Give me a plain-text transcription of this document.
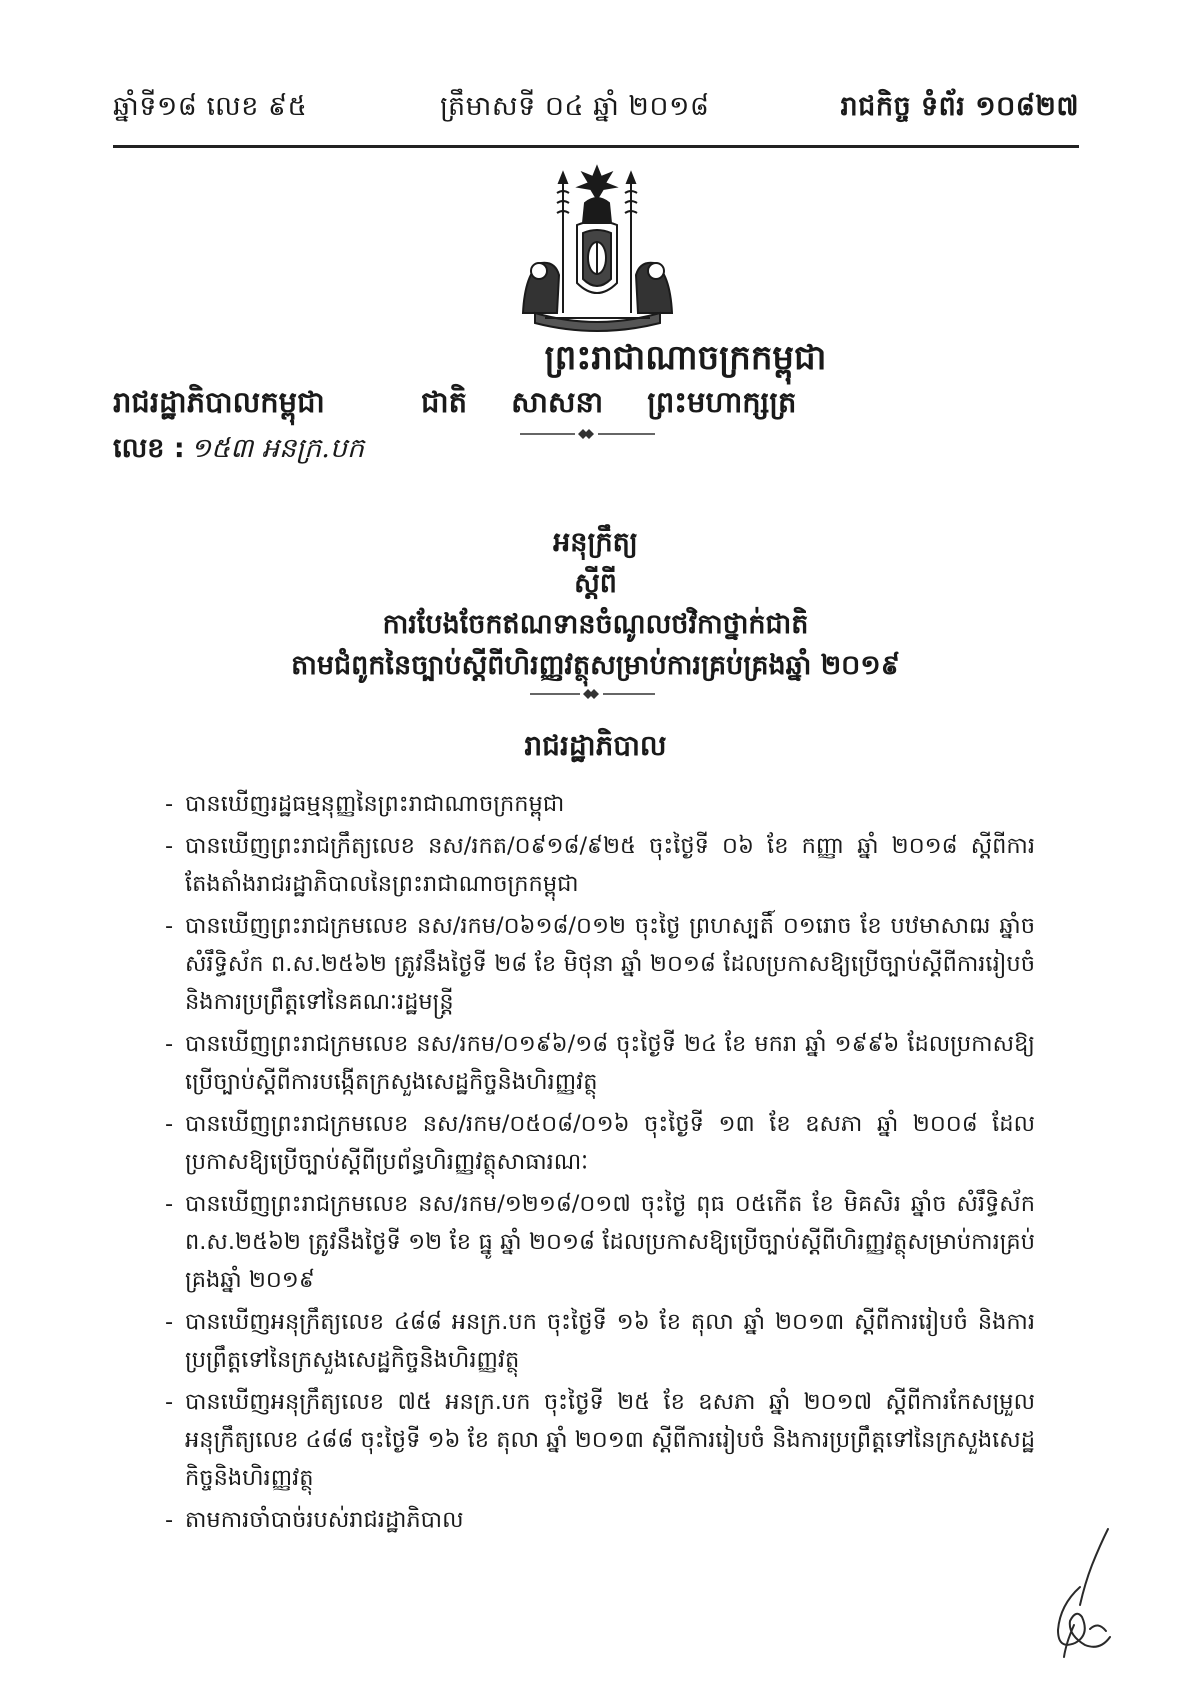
ឆ្នាំទី១៨ លេខ ៩៥	ត្រឹមាសទី ០៤ ឆ្នាំ ២០១៨	រាជកិច្ច ទំព័រ ១០៨២៧
ព្រះរាជាណាចក្រកម្ពុជា
រាជរដ្ឋាភិបាលកម្ពុជា	ជាតិ សាសនា ព្រះមហាក្សត្រ
លេខ : ១៥៣ អនក្រ.បក
អនុក្រឹត្យ
ស្តីពី
ការបែងចែកឥណទានចំណូលថវិកាថ្នាក់ជាតិ
តាមជំពូកនៃច្បាប់ស្តីពីហិរញ្ញវត្ថុសម្រាប់ការគ្រប់គ្រងឆ្នាំ ២០១៩
រាជរដ្ឋាភិបាល
- បានឃើញរដ្ឋធម្មនុញ្ញនៃព្រះរាជាណាចក្រកម្ពុជា
- បានឃើញព្រះរាជក្រឹត្យលេខ នស/រកត/០៩១៨/៩២៥ ចុះថ្ងៃទី ០៦ ខែ កញ្ញា ឆ្នាំ ២០១៨ ស្តីពីការតែងតាំងរាជរដ្ឋាភិបាលនៃព្រះរាជាណាចក្រកម្ពុជា
- បានឃើញព្រះរាជក្រមលេខ នស/រកម/០៦១៨/០១២ ចុះថ្ងៃ ព្រហស្បតិ៍ ០១រោច ខែ បឋមាសាឍ ឆ្នាំច សំរឹទ្ធិស័ក ព.ស.២៥៦២ ត្រូវនឹងថ្ងៃទី ២៨ ខែ មិថុនា ឆ្នាំ ២០១៨ ដែលប្រកាសឱ្យប្រើច្បាប់ស្តីពីការរៀបចំ និងការប្រព្រឹត្តទៅនៃគណៈរដ្ឋមន្ត្រី
- បានឃើញព្រះរាជក្រមលេខ នស/រកម/០១៩៦/១៨ ចុះថ្ងៃទី ២៤ ខែ មករា ឆ្នាំ ១៩៩៦ ដែលប្រកាសឱ្យប្រើច្បាប់ស្តីពីការបង្កើតក្រសួងសេដ្ឋកិច្ចនិងហិរញ្ញវត្ថុ
- បានឃើញព្រះរាជក្រមលេខ នស/រកម/០៥០៨/០១៦ ចុះថ្ងៃទី ១៣ ខែ ឧសភា ឆ្នាំ ២០០៨ ដែលប្រកាសឱ្យប្រើច្បាប់ស្តីពីប្រព័ន្ធហិរញ្ញវត្ថុសាធារណៈ
- បានឃើញព្រះរាជក្រមលេខ នស/រកម/១២១៨/០១៧ ចុះថ្ងៃ ពុធ ០៥កើត ខែ មិគសិរ ឆ្នាំច សំរឹទ្ធិស័ក ព.ស.២៥៦២ ត្រូវនឹងថ្ងៃទី ១២ ខែ ធ្នូ ឆ្នាំ ២០១៨ ដែលប្រកាសឱ្យប្រើច្បាប់ស្តីពីហិរញ្ញវត្ថុសម្រាប់ការគ្រប់គ្រងឆ្នាំ ២០១៩
- បានឃើញអនុក្រឹត្យលេខ ៤៨៨ អនក្រ.បក ចុះថ្ងៃទី ១៦ ខែ តុលា ឆ្នាំ ២០១៣ ស្តីពីការរៀបចំ និងការប្រព្រឹត្តទៅនៃក្រសួងសេដ្ឋកិច្ចនិងហិរញ្ញវត្ថុ
- បានឃើញអនុក្រឹត្យលេខ ៧៥ អនក្រ.បក ចុះថ្ងៃទី ២៥ ខែ ឧសភា ឆ្នាំ ២០១៧ ស្តីពីការកែសម្រួលអនុក្រឹត្យលេខ ៤៨៨ ចុះថ្ងៃទី ១៦ ខែ តុលា ឆ្នាំ ២០១៣ ស្តីពីការរៀបចំ និងការប្រព្រឹត្តទៅនៃក្រសួងសេដ្ឋកិច្ចនិងហិរញ្ញវត្ថុ
- តាមការចាំបាច់របស់រាជរដ្ឋាភិបាល
